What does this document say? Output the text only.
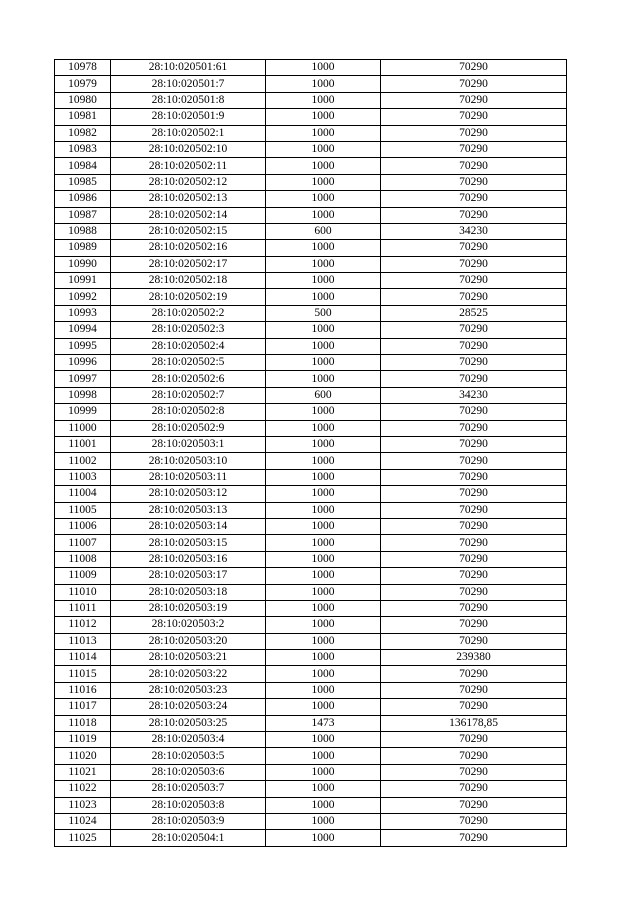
10978	28:10:020501:61	1000	70290
10979	28:10:020501:7	1000	70290
10980	28:10:020501:8	1000	70290
10981	28:10:020501:9	1000	70290
10982	28:10:020502:1	1000	70290
10983	28:10:020502:10	1000	70290
10984	28:10:020502:11	1000	70290
10985	28:10:020502:12	1000	70290
10986	28:10:020502:13	1000	70290
10987	28:10:020502:14	1000	70290
10988	28:10:020502:15	600	34230
10989	28:10:020502:16	1000	70290
10990	28:10:020502:17	1000	70290
10991	28:10:020502:18	1000	70290
10992	28:10:020502:19	1000	70290
10993	28:10:020502:2	500	28525
10994	28:10:020502:3	1000	70290
10995	28:10:020502:4	1000	70290
10996	28:10:020502:5	1000	70290
10997	28:10:020502:6	1000	70290
10998	28:10:020502:7	600	34230
10999	28:10:020502:8	1000	70290
11000	28:10:020502:9	1000	70290
11001	28:10:020503:1	1000	70290
11002	28:10:020503:10	1000	70290
11003	28:10:020503:11	1000	70290
11004	28:10:020503:12	1000	70290
11005	28:10:020503:13	1000	70290
11006	28:10:020503:14	1000	70290
11007	28:10:020503:15	1000	70290
11008	28:10:020503:16	1000	70290
11009	28:10:020503:17	1000	70290
11010	28:10:020503:18	1000	70290
11011	28:10:020503:19	1000	70290
11012	28:10:020503:2	1000	70290
11013	28:10:020503:20	1000	70290
11014	28:10:020503:21	1000	239380
11015	28:10:020503:22	1000	70290
11016	28:10:020503:23	1000	70290
11017	28:10:020503:24	1000	70290
11018	28:10:020503:25	1473	136178,85
11019	28:10:020503:4	1000	70290
11020	28:10:020503:5	1000	70290
11021	28:10:020503:6	1000	70290
11022	28:10:020503:7	1000	70290
11023	28:10:020503:8	1000	70290
11024	28:10:020503:9	1000	70290
11025	28:10:020504:1	1000	70290
